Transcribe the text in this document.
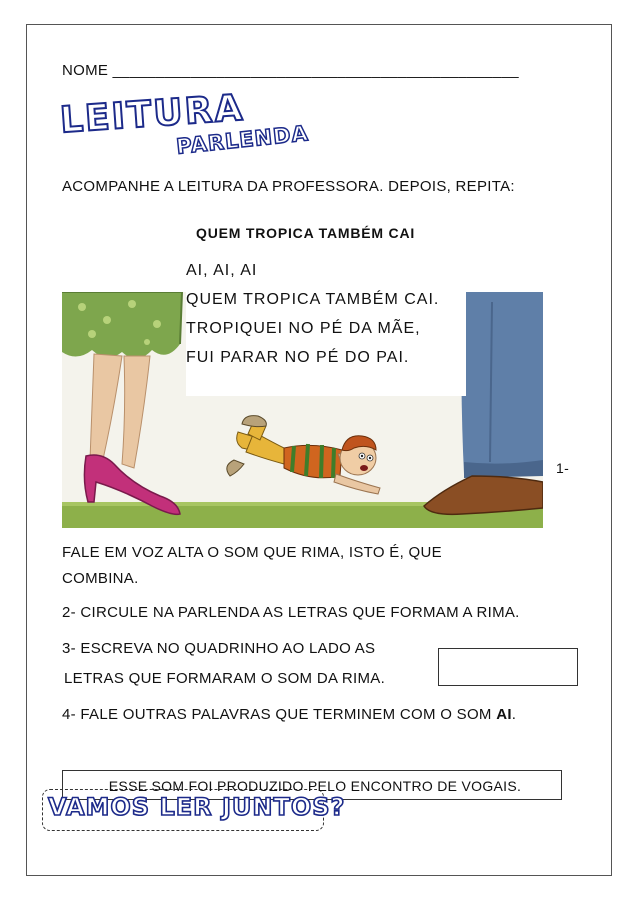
NOME _______________________________________________
LEITURA
PARLENDA
ACOMPANHE A LEITURA DA PROFESSORA. DEPOIS, REPITA:
QUEM TROPICA TAMBÉM CAI
AI, AI, AI
QUEM TROPICA TAMBÉM CAI.
TROPIQUEI NO PÉ DA MÃE,
FUI PARAR NO PÉ DO PAI.
1-
FALE EM VOZ ALTA O SOM QUE RIMA, ISTO É, QUE
COMBINA.
2- CIRCULE NA PARLENDA AS LETRAS QUE FORMAM A RIMA.
3- ESCREVA NO QUADRINHO AO LADO AS
LETRAS QUE FORMARAM O SOM DA RIMA.
4- FALE OUTRAS PALAVRAS QUE TERMINEM COM O SOM AI.
ESSE SOM FOI PRODUZIDO PELO ENCONTRO DE VOGAIS.
VAMOS LER JUNTOS?
